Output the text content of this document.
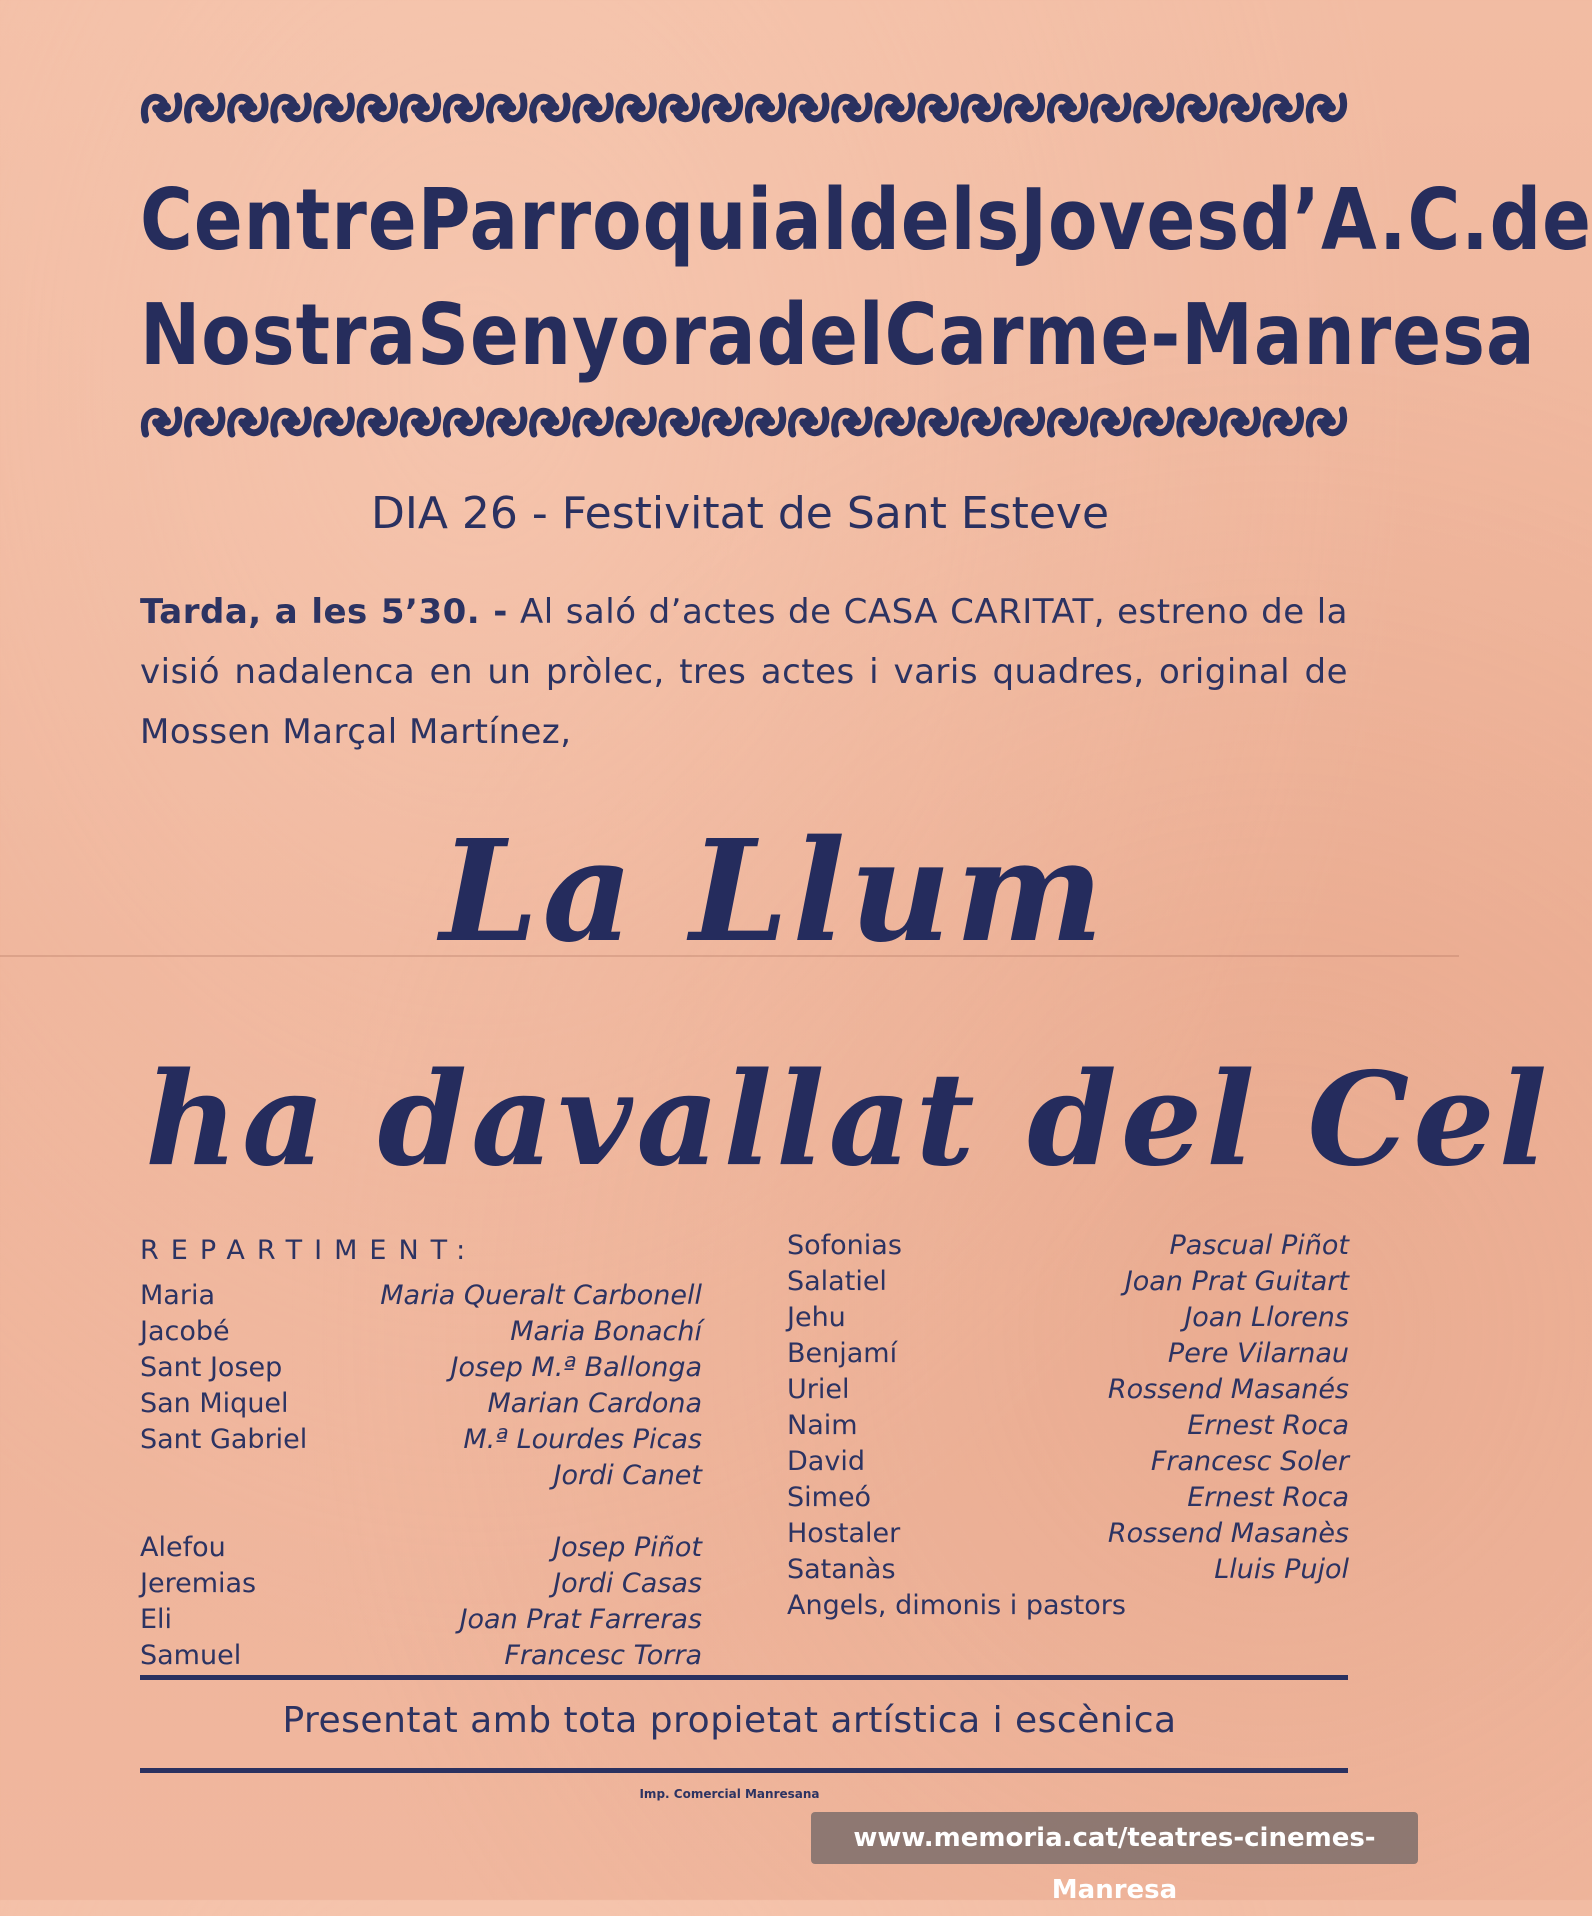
Centre Parroquial dels Joves d’A. C. de
Nostra Senyora del Carme - Manresa
DIA 26 - Festivitat de Sant Esteve
Tarda, a les 5’30. - Al saló d’actes de CASA CARITAT, estreno de la visió nadalenca en un pròlec, tres actes i varis quadres, original de Mossen Marçal Martínez,
La Llum
ha davallat del Cel
REPARTIMENT:
Maria	Maria Queralt Carbonell
Jacobé	Maria Bonachí
Sant Josep	Josep M.ª Ballonga
San Miquel	Marian Cardona
Sant Gabriel	M.ª Lourdes Picas
Jordi Canet
Alefou	Josep Piñot
Jeremias	Jordi Casas
Eli	Joan Prat Farreras
Samuel	Francesc Torra
Sofonias	Pascual Piñot
Salatiel	Joan Prat Guitart
Jehu	Joan Llorens
Benjamí	Pere Vilarnau
Uriel	Rossend Masanés
Naim	Ernest Roca
David	Francesc Soler
Simeó	Ernest Roca
Hostaler	Rossend Masanès
Satanàs	Lluis Pujol
Angels, dimonis i pastors
Presentat amb tota propietat artística i escènica
Imp. Comercial Manresana
www.memoria.cat/teatres-cinemes-Manresa
